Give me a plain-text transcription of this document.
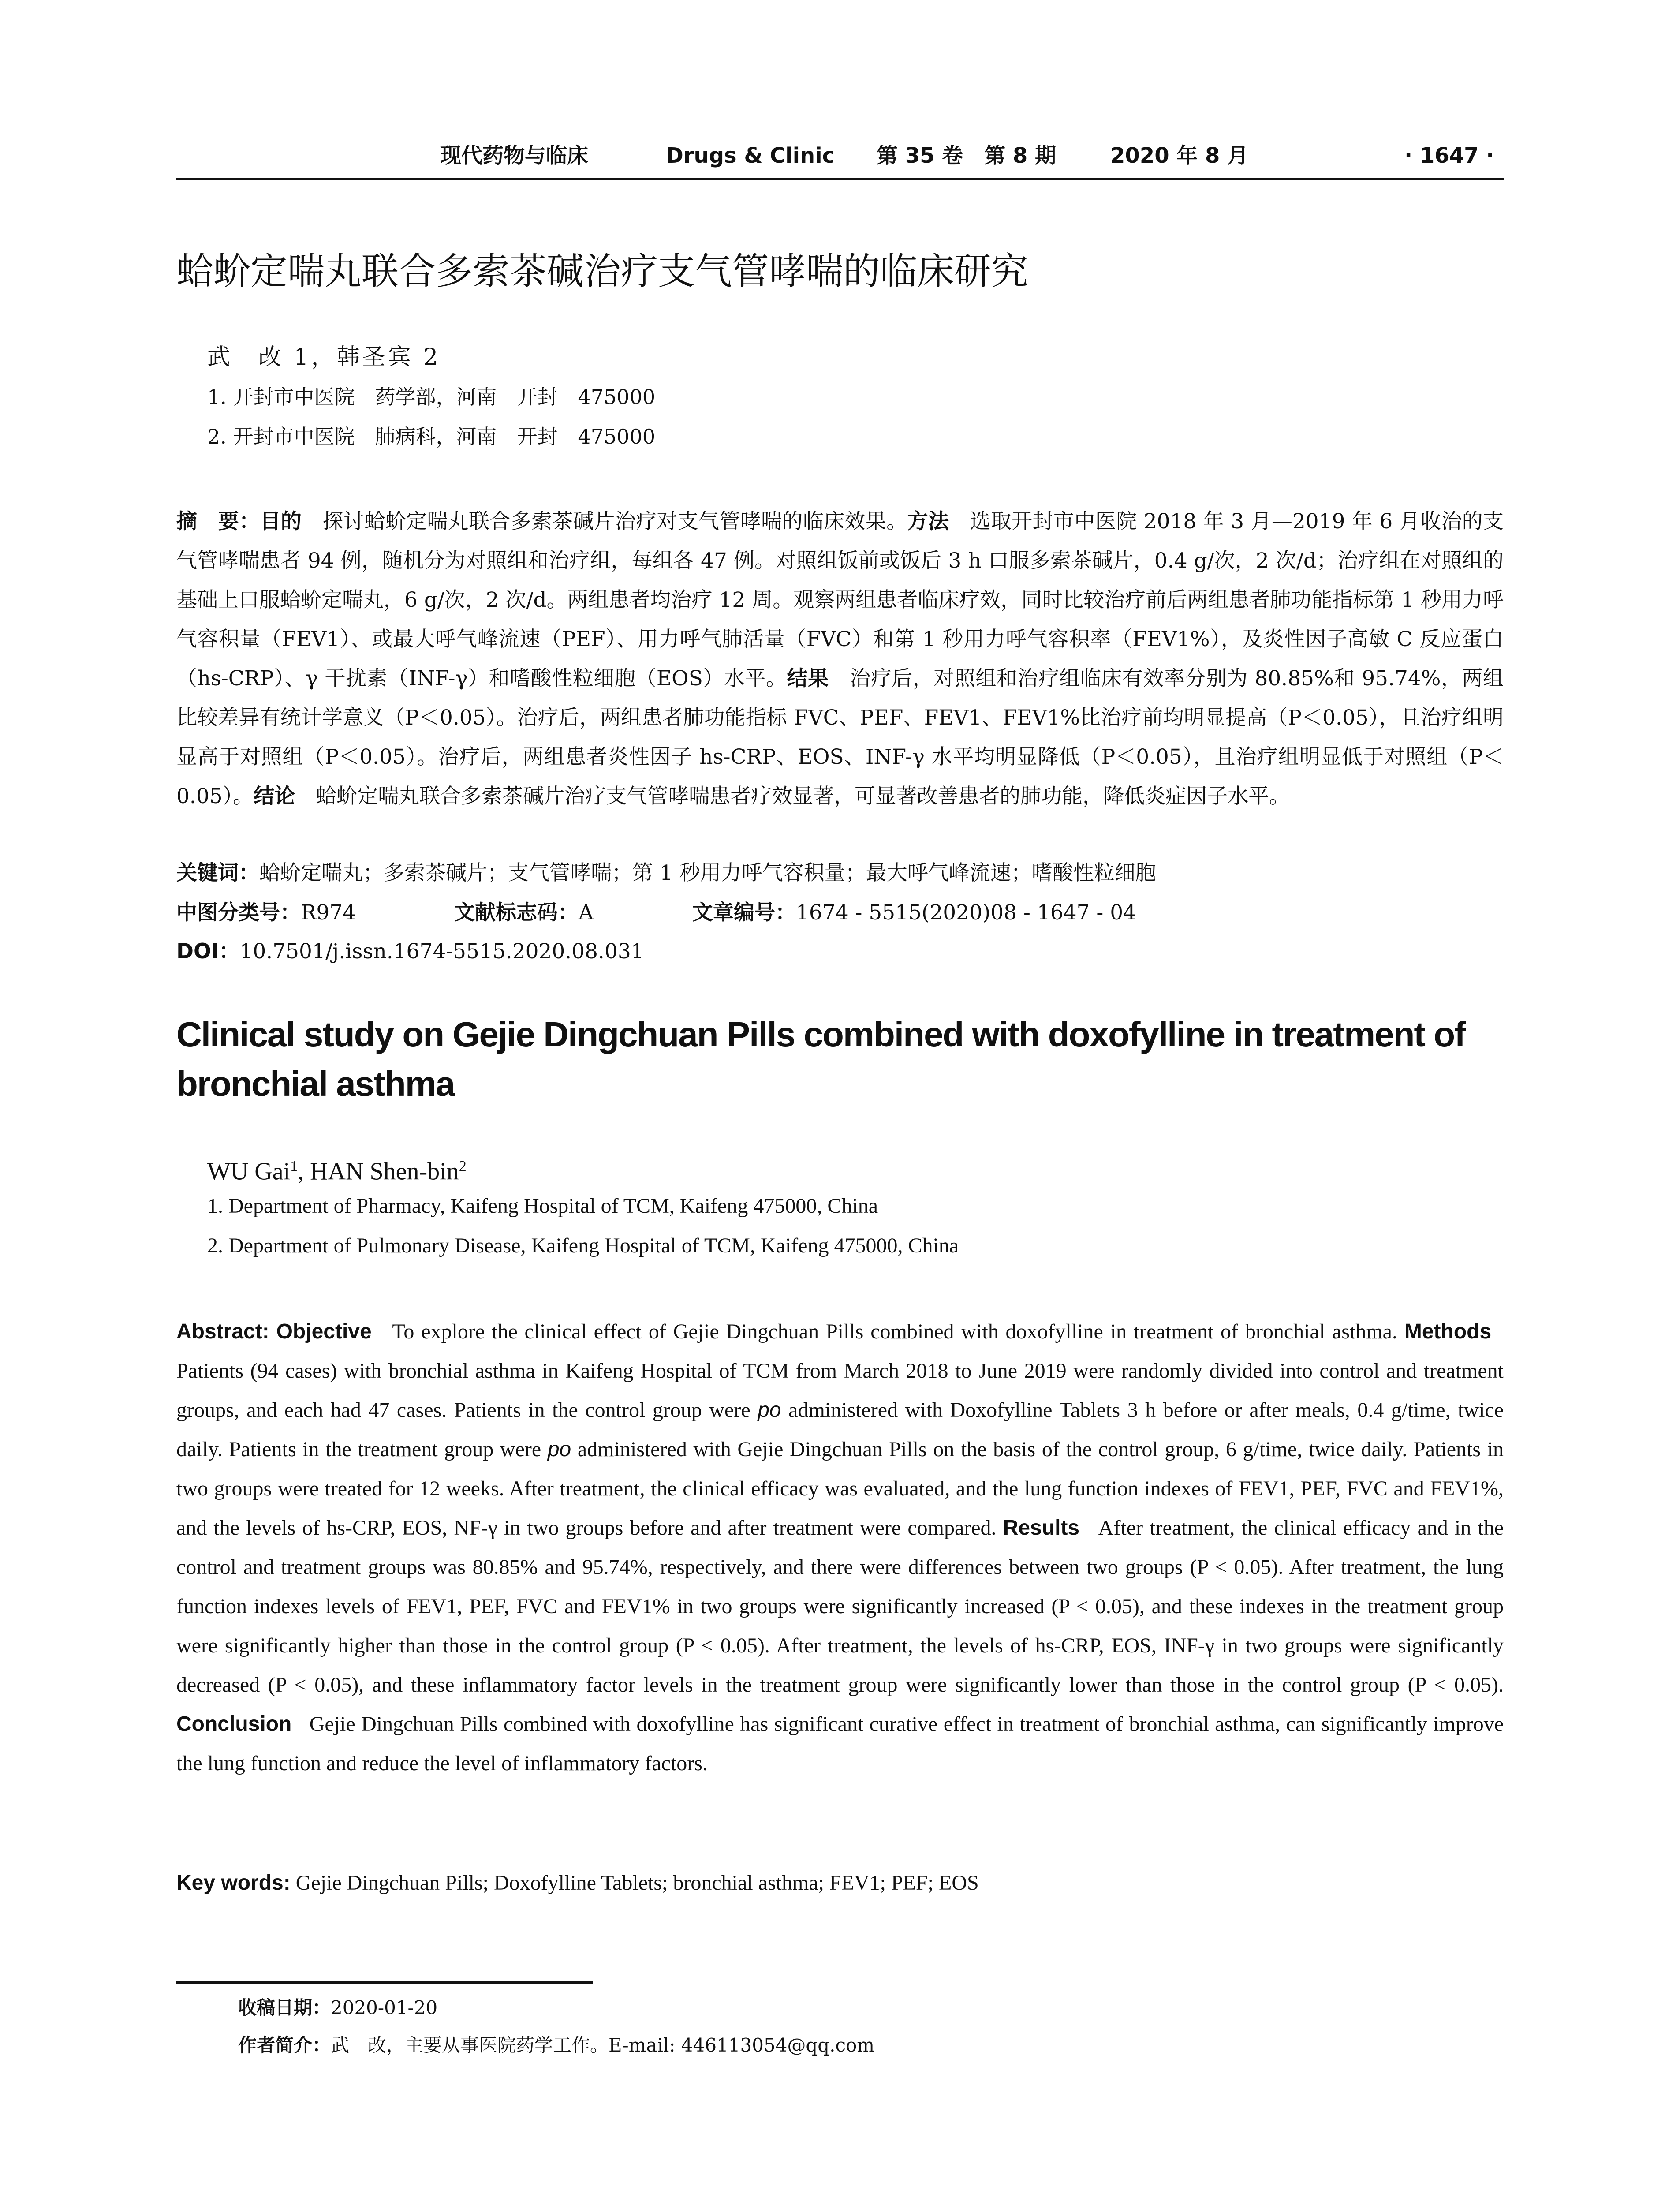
现代药物与临床	Drugs & Clinic 第 35 卷　第 8 期	2020 年 8 月	· 1647 ·
蛤蚧定喘丸联合多索茶碱治疗支气管哮喘的临床研究
武　改 1，韩圣宾 2
1. 开封市中医院　药学部，河南　开封　475000
2. 开封市中医院　肺病科，河南　开封　475000
摘　要：目的　 探讨蛤蚧定喘丸联合多索茶碱片治疗对支气管哮喘的临床效果。方法　 选取开封市中医院 2018 年 3 月—2019 年 6 月收治的支气管哮喘患者 94 例，随机分为对照组和治疗组，每组各 47 例。对照组饭前或饭后 3 h 口服多索茶碱片，0.4 g/次，2 次/d；治疗组在对照组的基础上口服蛤蚧定喘丸，6 g/次，2 次/d。两组患者均治疗 12 周。观察两组患者临床疗效，同时比较治疗前后两组患者肺功能指标第 1 秒用力呼气容积量（FEV1）、或最大呼气峰流速（PEF）、用力呼气肺活量（FVC）和第 1 秒用力呼气容积率（FEV1%），及炎性因子高敏 C 反应蛋白（hs-CRP）、γ 干扰素（INF-γ）和嗜酸性粒细胞（EOS）水平。结果　 治疗后，对照组和治疗组临床有效率分别为 80.85%和 95.74%，两组比较差异有统计学意义（P＜0.05）。治疗后，两组患者肺功能指标 FVC、PEF、FEV1、FEV1%比治疗前均明显提高（P＜0.05），且治疗组明显高于对照组（P＜0.05）。治疗后，两组患者炎性因子 hs-CRP、EOS、INF-γ 水平均明显降低（P＜0.05），且治疗组明显低于对照组（P＜0.05）。结论　 蛤蚧定喘丸联合多索茶碱片治疗支气管哮喘患者疗效显著，可显著改善患者的肺功能，降低炎症因子水平。
关键词：蛤蚧定喘丸；多索茶碱片；支气管哮喘；第 1 秒用力呼气容积量；最大呼气峰流速；嗜酸性粒细胞
中图分类号：R974	文献标志码：A	文章编号：1674 - 5515(2020)08 - 1647 - 04
DOI：10.7501/j.issn.1674-5515.2020.08.031
Clinical study on Gejie Dingchuan Pills combined with doxofylline in treatment of bronchial asthma
WU Gai$^1$, HAN Shen-bin$^2$
1. Department of Pharmacy, Kaifeng Hospital of TCM, Kaifeng 475000, China
2. Department of Pulmonary Disease, Kaifeng Hospital of TCM, Kaifeng 475000, China
Abstract: Objective To explore the clinical effect of Gejie Dingchuan Pills combined with doxofylline in treatment of bronchial asthma. Methods   Patients (94 cases) with bronchial asthma in Kaifeng Hospital of TCM from March 2018 to June 2019 were randomly divided into control and treatment groups, and each had 47 cases. Patients in the control group were po administered with Doxofylline Tablets 3 h before or after meals, 0.4 g/time, twice daily. Patients in the treatment group were po administered with Gejie Dingchuan Pills on the basis of the control group, 6 g/time, twice daily. Patients in two groups were treated for 12 weeks. After treatment, the clinical efficacy was evaluated, and the lung function indexes of FEV1, PEF, FVC and FEV1%, and the levels of hs-CRP, EOS, NF-γ in two groups before and after treatment were compared. Results After treatment, the clinical efficacy and in the control and treatment groups was 80.85% and 95.74%, respectively, and there were differences between two groups (P < 0.05). After treatment, the lung function indexes levels of FEV1, PEF, FVC and FEV1% in two groups were significantly increased (P < 0.05), and these indexes in the treatment group were significantly higher than those in the control group (P < 0.05). After treatment, the levels of hs-CRP, EOS, INF-γ in two groups were significantly decreased (P < 0.05), and these inflammatory factor levels in the treatment group were significantly lower than those in the control group (P < 0.05). Conclusion Gejie Dingchuan Pills combined with doxofylline has significant curative effect in treatment of bronchial asthma, can significantly improve the lung function and reduce the level of inflammatory factors.
Key words: Gejie Dingchuan Pills; Doxofylline Tablets; bronchial asthma; FEV1; PEF; EOS
收稿日期：2020-01-20
作者简介：武　改，主要从事医院药学工作。E-mail: 446113054@qq.com
